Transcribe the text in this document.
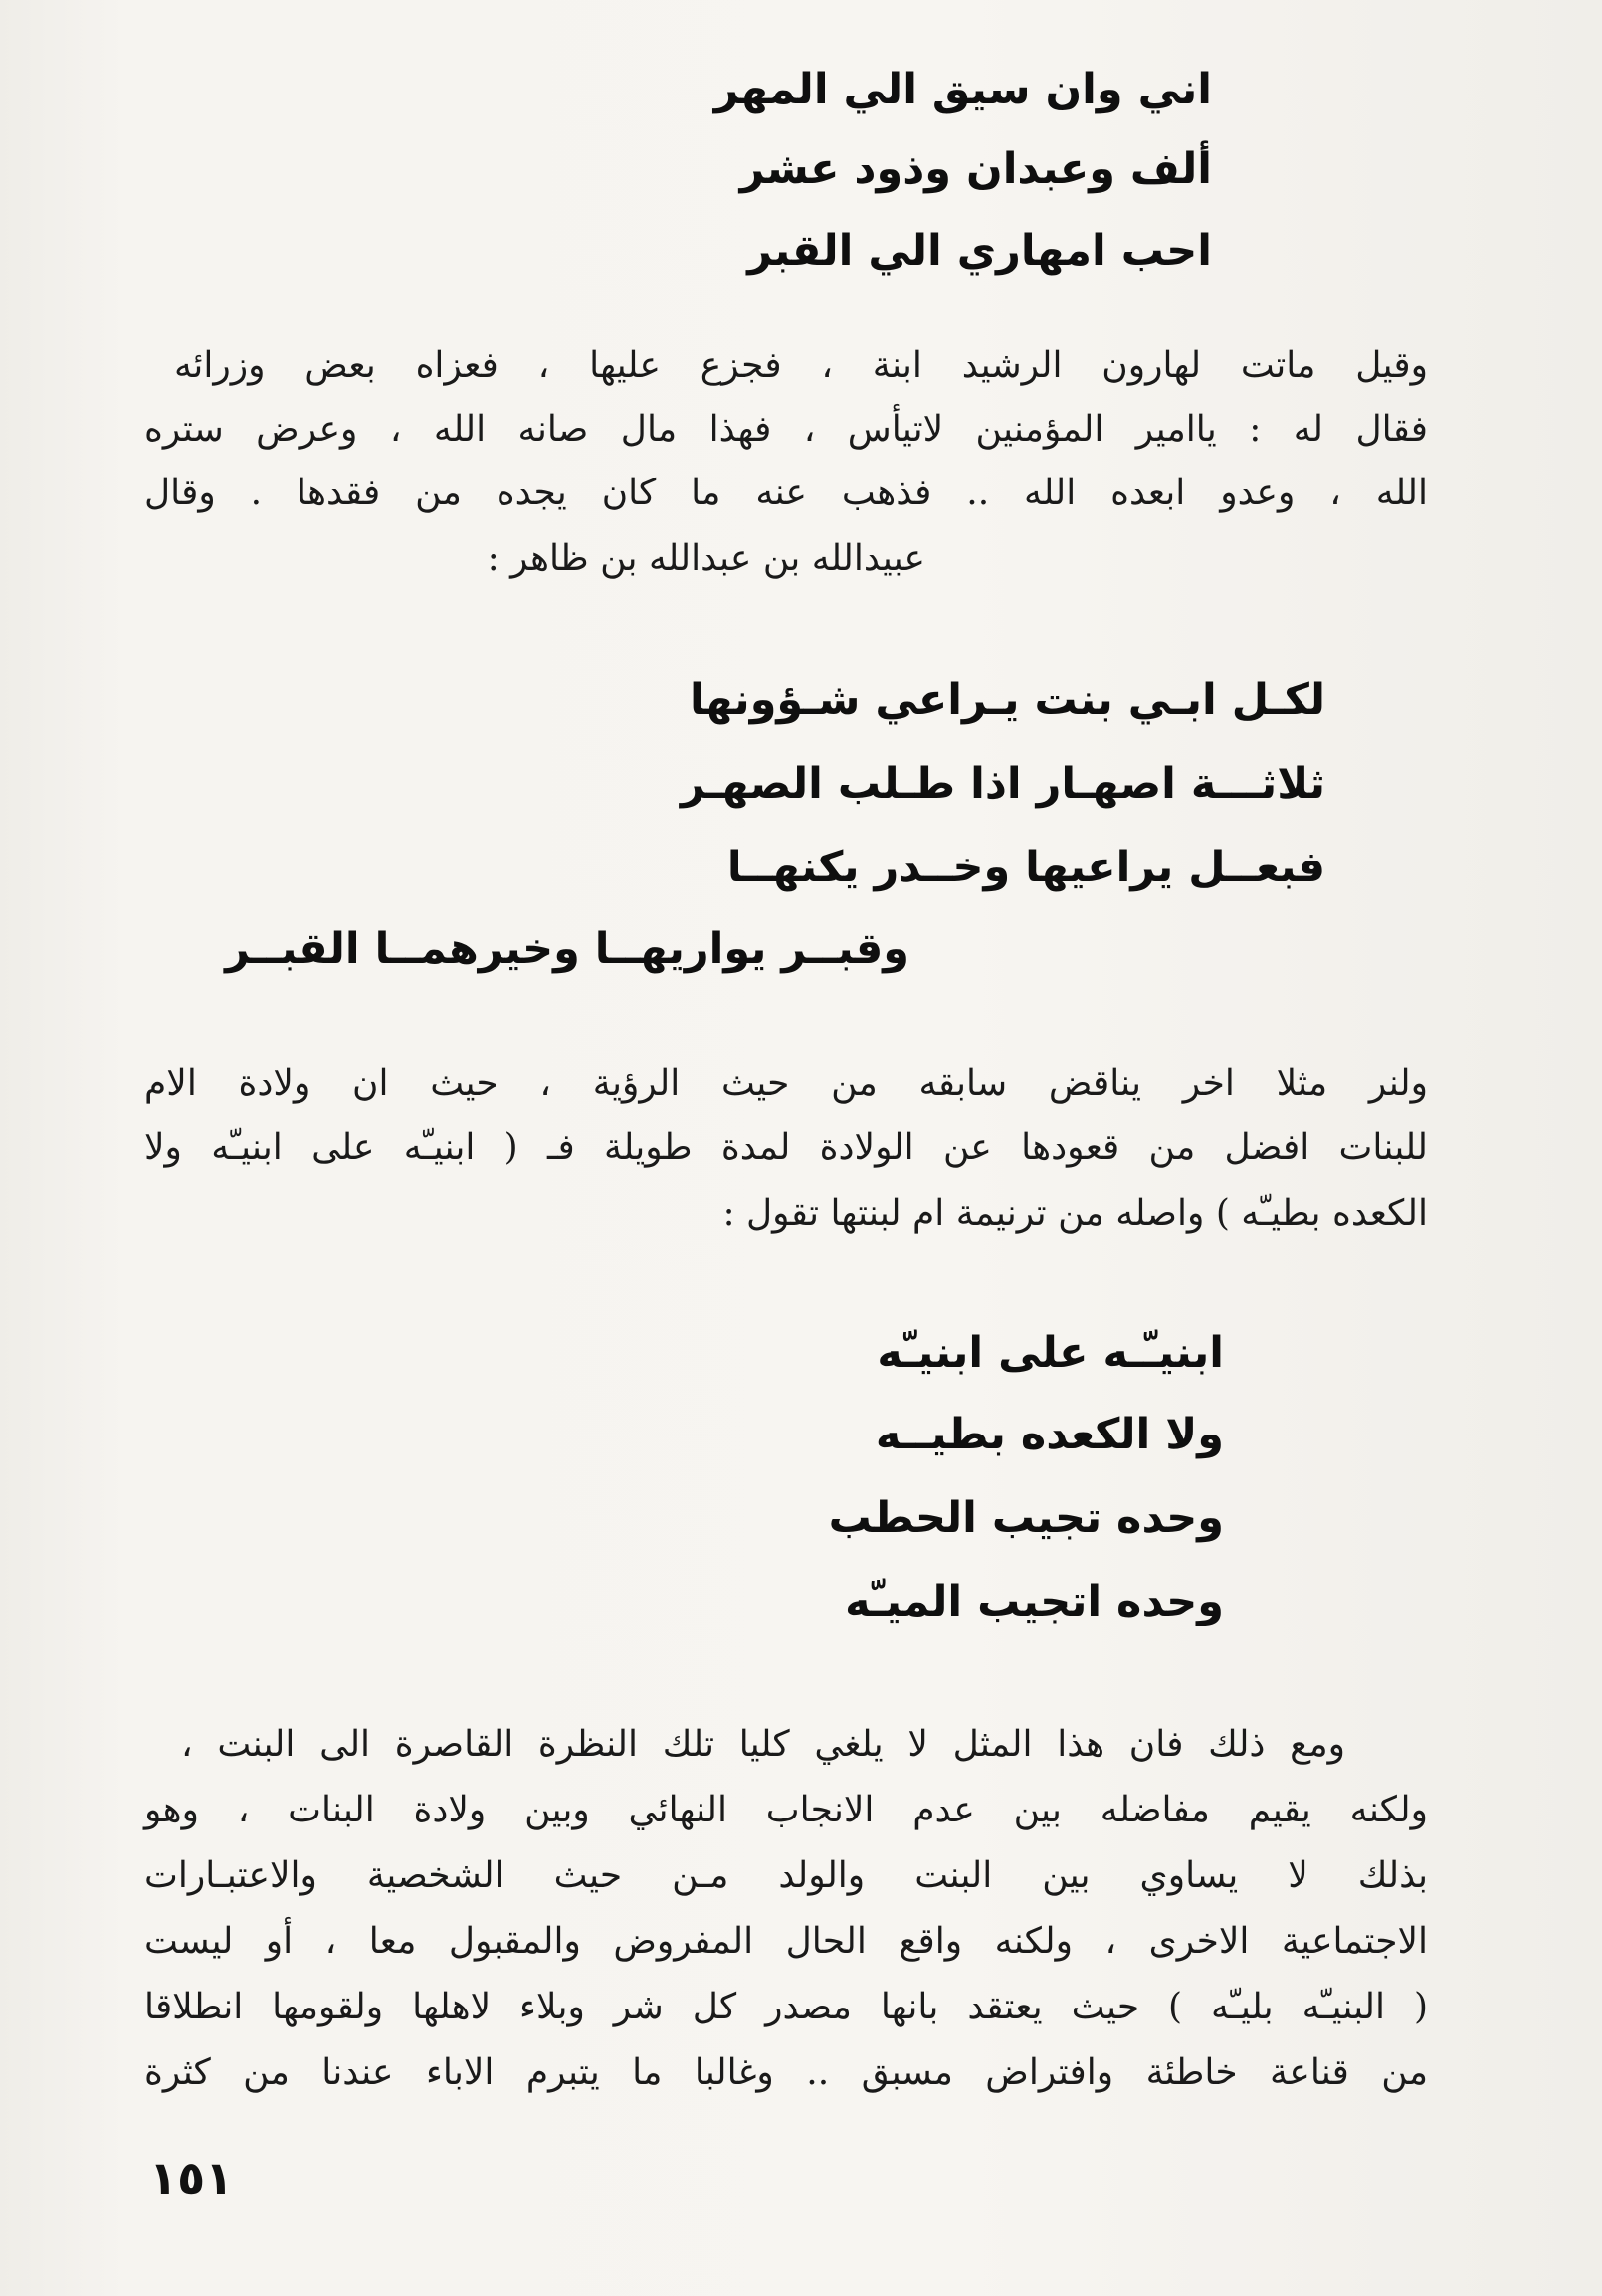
اني وان سيق الي المهر
ألف وعبدان وذود عشر
احب امهاري الي القبر
وقيل ماتت لهارون الرشيد ابنة ، فجزع عليها ، فعزاه بعض وزرائه
فقال له : ياامير المؤمنين لاتيأس ، فهذا مال صانه الله ، وعرض ستره
الله ، وعدو ابعده الله .. فذهب عنه ما كان يجده من فقدها . وقال
عبيدالله بن عبدالله بن ظاهر :
لكـل ابـي بنت يـراعي شـؤونها
ثلاثـــة اصهـار اذا طـلب الصهـر
فبعــل يراعيها وخــدر يكنهــا
وقبــر يواريهــا وخيرهمــا القبــر
ولنر مثلا اخر يناقض سابقه من حيث الرؤية ، حيث ان ولادة الام
للبنات افضل من قعودها عن الولادة لمدة طويلة فـ ( ابنيـّه على ابنيـّه ولا
الكعده بطيـّه ) واصله من ترنيمة ام لبنتها تقول :
ابنيـّـه على ابنيـّه
ولا الكعده بطيــه
وحده تجيب الحطب
وحده اتجيب الميـّه
ومع ذلك فان هذا المثل لا يلغي كليا تلك النظرة القاصرة الى البنت ،
ولكنه يقيم مفاضله بين عدم الانجاب النهائي وبين ولادة البنات ، وهو
بذلك لا يساوي بين البنت والولد مـن حيث الشخصية والاعتبـارات
الاجتماعية الاخرى ، ولكنه واقع الحال المفروض والمقبول معا ، أو ليست
( البنيـّه بليـّه ) حيث يعتقد بانها مصدر كل شر وبلاء لاهلها ولقومها انطلاقا
من قناعة خاطئة وافتراض مسبق .. وغالبا ما يتبرم الاباء عندنا من كثرة
١٥١
